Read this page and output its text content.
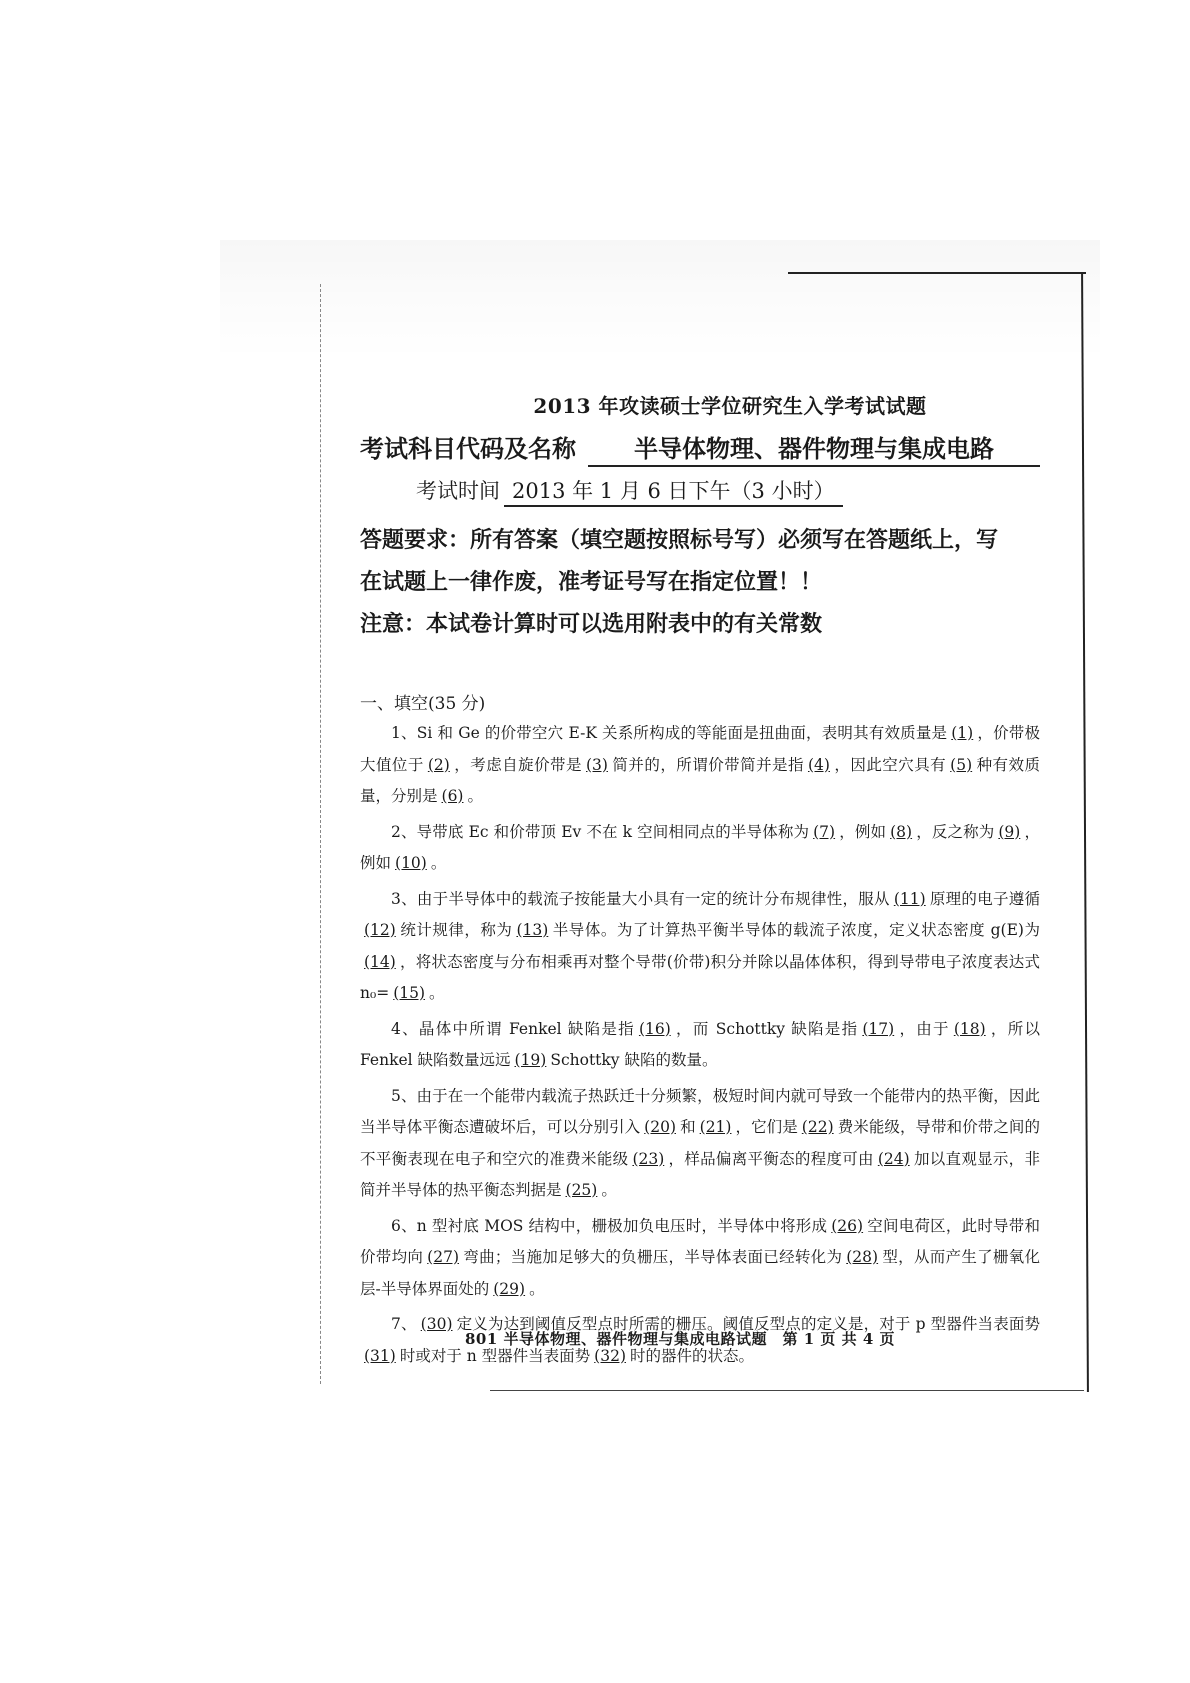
2013 年攻读硕士学位研究生入学考试试题
考试科目代码及名称	半导体物理、器件物理与集成电路
考试时间 2013 年 1 月 6 日下午（3 小时）

答题要求：所有答案（填空题按照标号写）必须写在答题纸上，写

在试题上一律作废，准考证号写在指定位置！！

注意：本试卷计算时可以选用附表中的有关常数

一、填空(35 分)
1、Si 和 Ge 的价带空穴 E-K 关系所构成的等能面是扭曲面，表明其有效质量是 (1) ，价带极大值位于 (2) ，考虑自旋价带是 (3) 简并的，所谓价带简并是指 (4) ，因此空穴具有 (5) 种有效质量，分别是 (6) 。
2、导带底 Ec 和价带顶 Ev 不在 k 空间相同点的半导体称为 (7) ，例如 (8) ，反之称为 (9) ，例如 (10) 。
3、由于半导体中的载流子按能量大小具有一定的统计分布规律性，服从 (11) 原理的电子遵循(12) 统计规律，称为 (13) 半导体。为了计算热平衡半导体的载流子浓度，定义状态密度 g(E)为(14) ，将状态密度与分布相乘再对整个导带(价带)积分并除以晶体体积，得到导带电子浓度表达式 n₀= (15) 。
4、晶体中所谓 Fenkel 缺陷是指 (16) ，而 Schottky 缺陷是指 (17) ，由于 (18) ，所以 Fenkel 缺陷数量远远 (19) Schottky 缺陷的数量。
5、由于在一个能带内载流子热跃迁十分频繁，极短时间内就可导致一个能带内的热平衡，因此当半导体平衡态遭破坏后，可以分别引入 (20) 和 (21) ，它们是 (22) 费米能级，导带和价带之间的不平衡表现在电子和空穴的准费米能级 (23) ，样品偏离平衡态的程度可由 (24) 加以直观显示，非简并半导体的热平衡态判据是 (25) 。
6、n 型衬底 MOS 结构中，栅极加负电压时，半导体中将形成 (26) 空间电荷区，此时导带和价带均向 (27) 弯曲；当施加足够大的负栅压，半导体表面已经转化为 (28) 型，从而产生了栅氧化层-半导体界面处的 (29) 。
7、 (30) 定义为达到阈值反型点时所需的栅压。阈值反型点的定义是，对于 p 型器件当表面势(31) 时或对于 n 型器件当表面势 (32) 时的器件的状态。
801 半导体物理、器件物理与集成电路试题　第 1 页 共 4 页
